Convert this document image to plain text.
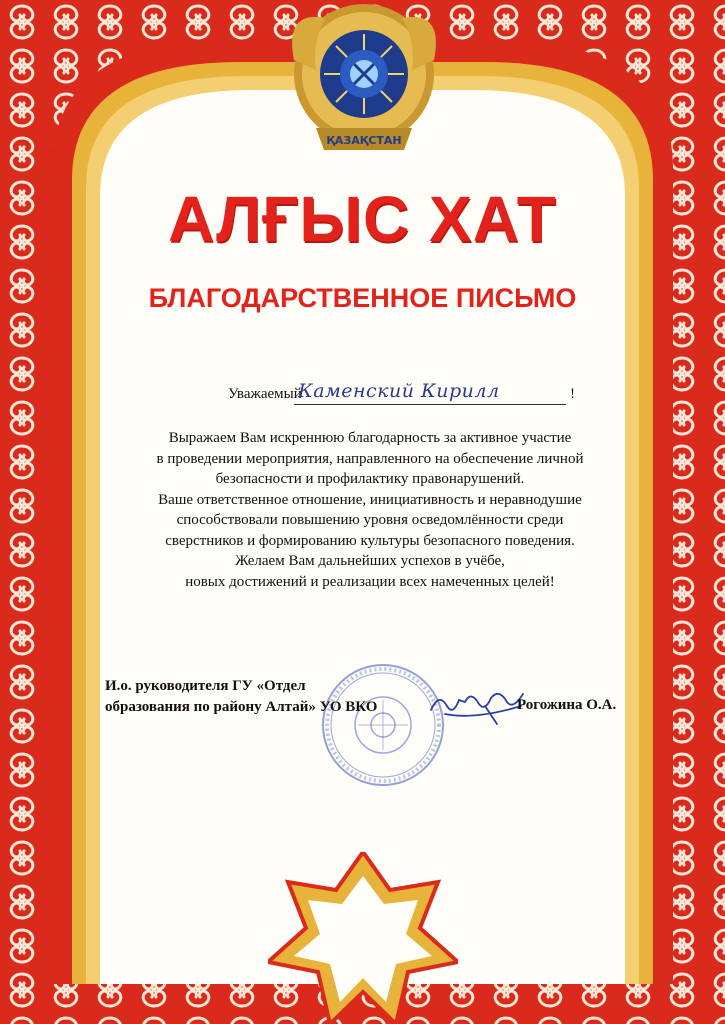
ҚАЗАҚСТАН
АЛҒЫС ХАТ
БЛАГОДАРСТВЕННОЕ ПИСЬМО
Уважаемый
Каменский Кирилл	!
Выражаем Вам искреннюю благодарность за активное участие
в проведении мероприятия, направленного на обеспечение личной
безопасности и профилактику правонарушений.
Ваше ответственное отношение, инициативность и неравнодушие
способствовали повышению уровня осведомлённости среди
сверстников и формированию культуры безопасного поведения.
Желаем Вам дальнейших успехов в учёбе,
новых достижений и реализации всех намеченных целей!
И.о. руководителя ГУ «Отдел
образования по району Алтай» УО ВКО	Рогожина О.А.
